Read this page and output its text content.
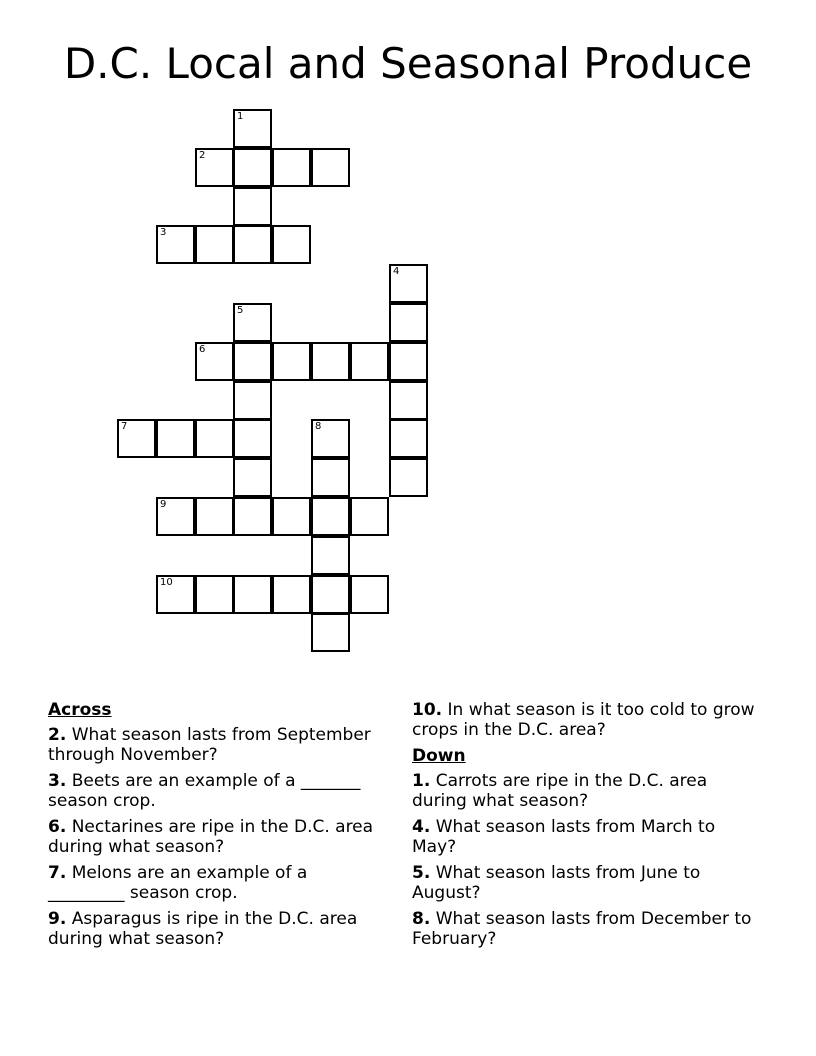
D.C. Local and Seasonal Produce
1
2
3
4
5
6
7	8
9
10
Across
2. What season lasts from September through November?
3. Beets are an example of a _______ season crop.
6. Nectarines are ripe in the D.C. area during what season?
7. Melons are an example of a _________ season crop.
9. Asparagus is ripe in the D.C. area during what season?
10. In what season is it too cold to grow crops in the D.C. area?
Down
1. Carrots are ripe in the D.C. area during what season?
4. What season lasts from March to May?
5. What season lasts from June to August?
8. What season lasts from December to February?
